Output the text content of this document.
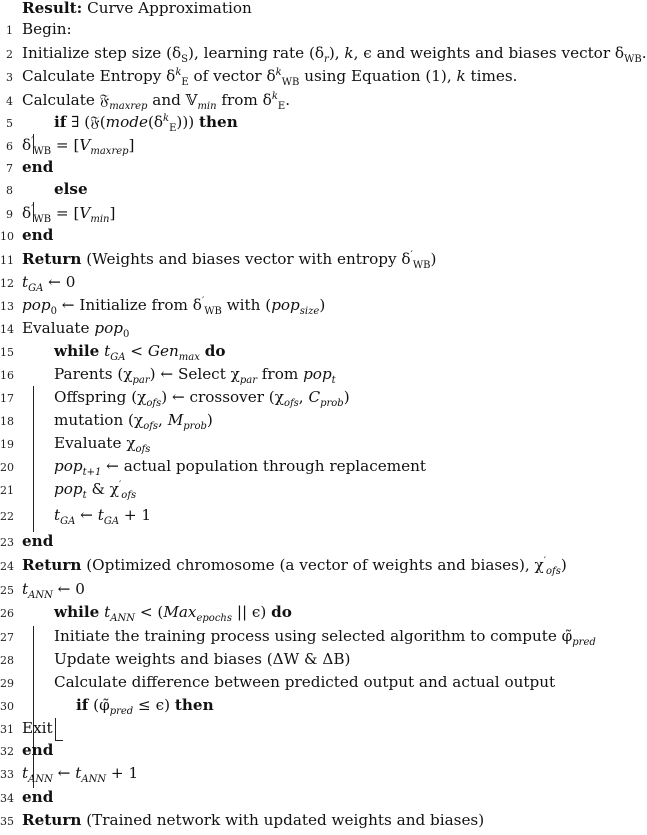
Result: Curve Approximation
1 Begin:
2 Initialize step size $(\delta_S)$, learning rate $(\delta_r)$, k, ϵ and weights and biases vector $\delta_{WB}$.
3 Calculate Entropy $\delta^k_E$ of vector $\delta^k_{WB}$ using Equation (1), k times.
4 Calculate 𝔉$_{maxrep}$ and 𝕍$_{min}$ from $\delta^k_E$.
5	if ∃ $(𝔉(mode(\delta^k_E)))$ then
6 $\delta'_{WB} = [V_{maxrep}]$
7 end
8	else
9 $\delta'_{WB} = [V_{min}]$
10 end
11 Return (Weights and biases vector with entropy $\delta'_{WB}$)
12 $t_{GA}$ ← 0
13 pop$_0$ ← Initialize from $\delta'_{WB}$ with (pop$_{size}$)
14 Evaluate pop$_0$
15	while $t_{GA} < Gen_{max}$ do
16	Parents $(\chi_{par})$ ← Select $\chi_{par}$ from pop$_t$
17	Offspring $(\chi_{ofs})$ ← crossover ($\chi_{ofs}$, $C_{prob}$)
18	mutation ($\chi_{ofs}$, $M_{prob}$)
19	Evaluate $\chi_{ofs}$
20	pop$_{t+1}$ ← actual population through replacement
21	pop$_t$ & $\chi'_{ofs}$
22	$t_{GA}$ ← $t_{GA} + 1$
23 end
24 Return (Optimized chromosome (a vector of weights and biases), $\chi'_{ofs}$)
25 $t_{ANN}$ ← 0
26	while $t_{ANN} < (Max_{epochs}$ || ϵ) do
27	Initiate the training process using selected algorithm to compute $\varphĩ_{pred}$
28	Update weights and biases (ΔW & ΔB)
29	Calculate difference between predicted output and actual output
30	if $(\varphĩ_{pred} \le \epsilon)$ then
31 Exit
32 end
33 $t_{ANN}$ ← $t_{ANN} + 1$
34 end
35 Return (Trained network with updated weights and biases)
